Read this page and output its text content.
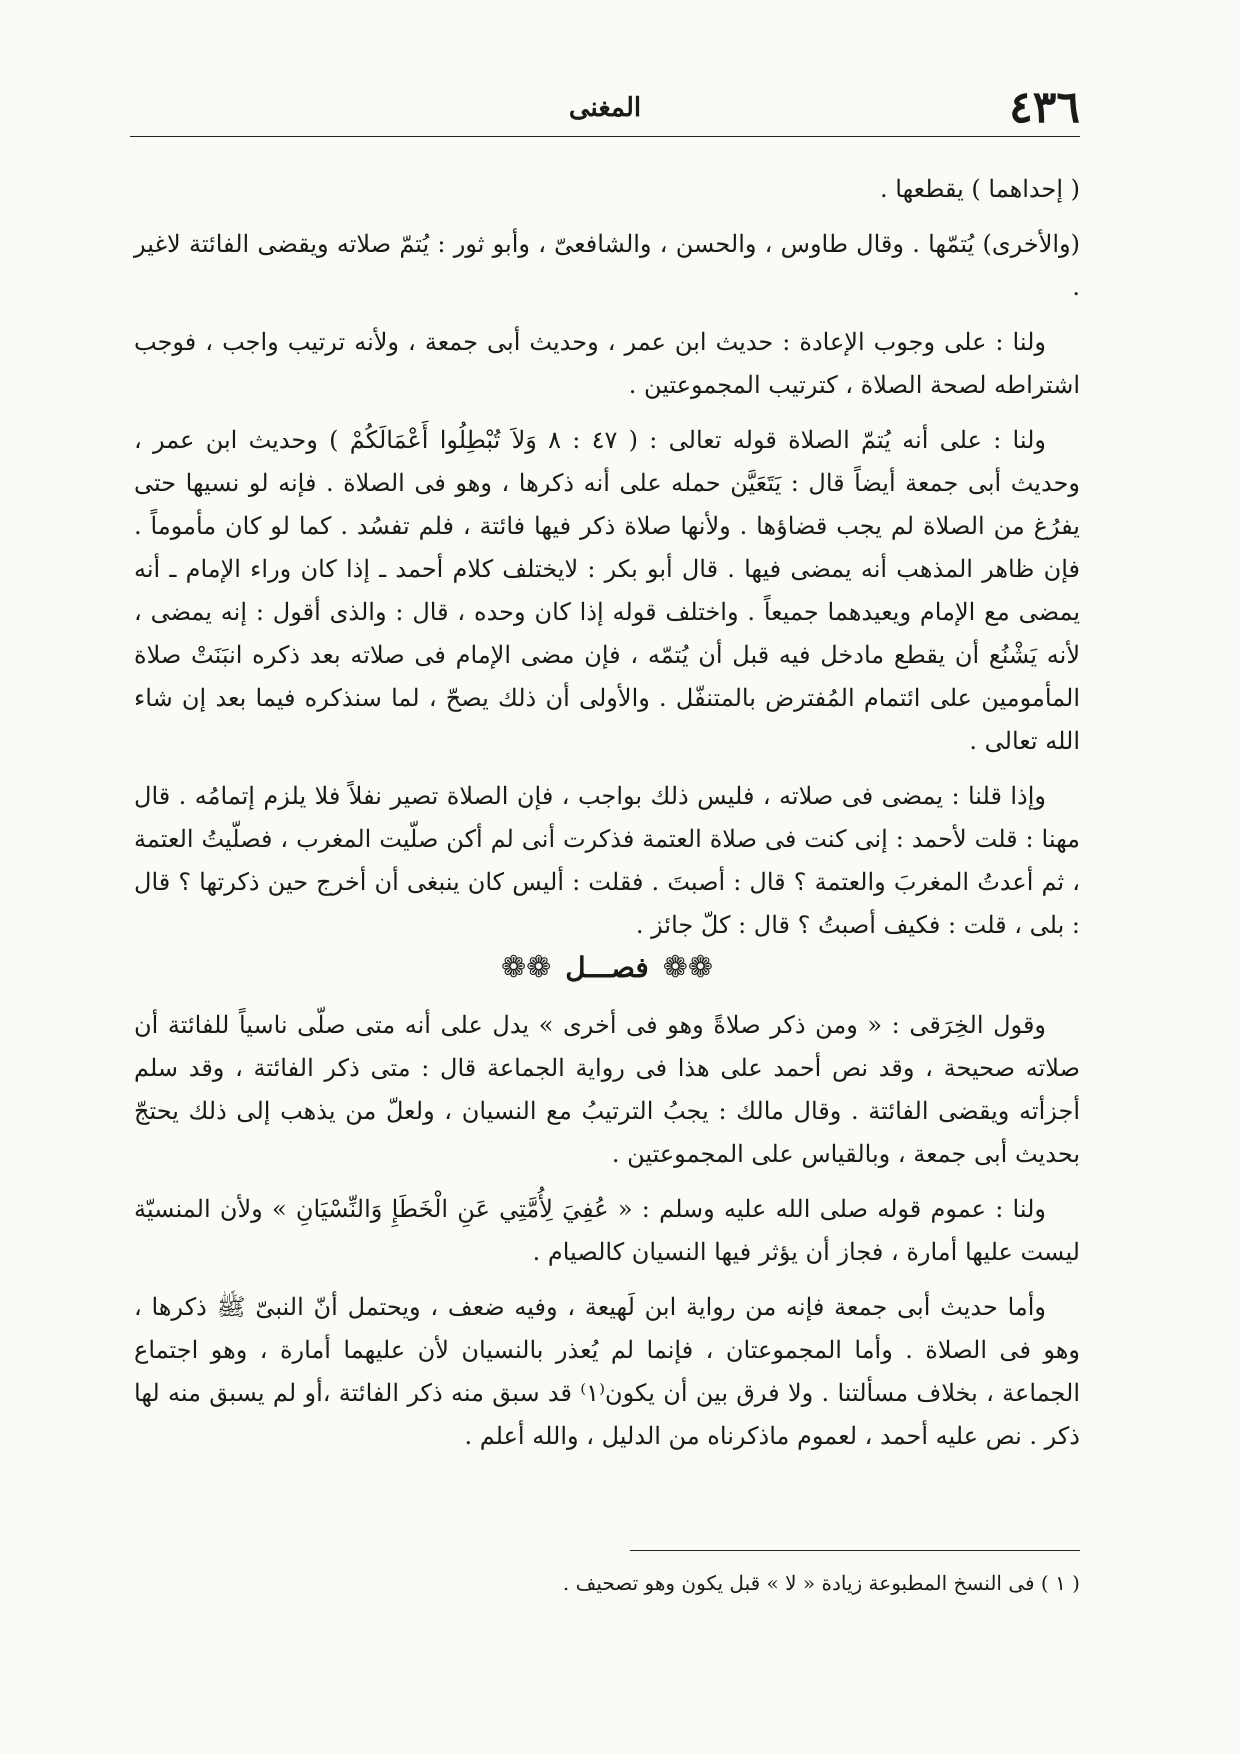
٤٣٦
المغنى

( إحداهما ) يقطعها .

(والأخرى) يُتمّها . وقال طاوس ، والحسن ، والشافعىّ ، وأبو ثور : يُتمّ صلاته ويقضى الفائتة لاغير .

ولنا : على وجوب الإعادة : حديث ابن عمر ، وحديث أبى جمعة ، ولأنه ترتيب واجب ، فوجب اشتراطه لصحة الصلاة ، كترتيب المجموعتين .

ولنا : على أنه يُتمّ الصلاة قوله تعالى : ( ٤٧ : ٨ وَلاَ تُبْطِلُوا أَعْمَالَكُمْ ) وحديث ابن عمر ، وحديث أبى جمعة أيضاً قال : يَتَعَيَّن حمله على أنه ذكرها ، وهو فى الصلاة . فإنه لو نسيها حتى يفرُغ من الصلاة لم يجب قضاؤها . ولأنها صلاة ذكر فيها فائتة ، فلم تفسُد . كما لو كان مأموماً . فإن ظاهر المذهب أنه يمضى فيها . قال أبو بكر : لايختلف كلام أحمد ـ إذا كان وراء الإمام ـ أنه يمضى مع الإمام ويعيدهما جميعاً . واختلف قوله إذا كان وحده ، قال : والذى أقول : إنه يمضى ، لأنه يَشْنُع أن يقطع مادخل فيه قبل أن يُتمّه ، فإن مضى الإمام فى صلاته بعد ذكره انبَنَتْ صلاة المأمومين على ائتمام المُفترض بالمتنفّل . والأولى أن ذلك يصحّ ، لما سنذكره فيما بعد إن شاء الله تعالى .

وإذا قلنا : يمضى فى صلاته ، فليس ذلك بواجب ، فإن الصلاة تصير نفلاً فلا يلزم إتمامُه . قال مهنا : قلت لأحمد : إنى كنت فى صلاة العتمة فذكرت أنى لم أكن صلّيت المغرب ، فصلّيتُ العتمة ، ثم أعدتُ المغربَ والعتمة ؟ قال : أصبتَ . فقلت : أليس كان ينبغى أن أخرج حين ذكرتها ؟ قال : بلى ، قلت : فكيف أصبتُ ؟ قال : كلّ جائز .

❁❁
فصـــل
❁❁

وقول الخِرَقى : « ومن ذكر صلاةً وهو فى أخرى » يدل على أنه متى صلّى ناسياً للفائتة أن صلاته صحيحة ، وقد نص أحمد على هذا فى رواية الجماعة قال : متى ذكر الفائتة ، وقد سلم أجزأته ويقضى الفائتة . وقال مالك : يجبُ الترتيبُ مع النسيان ، ولعلّ من يذهب إلى ذلك يحتجّ بحديث أبى جمعة ، وبالقياس على المجموعتين .

ولنا : عموم قوله صلى الله عليه وسلم : « عُفِيَ لِأُمَّتِي عَنِ الْخَطَإِ وَالنِّسْيَانِ » ولأن المنسيّة ليست عليها أمارة ، فجاز أن يؤثر فيها النسيان كالصيام .

وأما حديث أبى جمعة فإنه من رواية ابن لَهيعة ، وفيه ضعف ، ويحتمل أنّ النبىّ ﷺ ذكرها ، وهو فى الصلاة . وأما المجموعتان ، فإنما لم يُعذر بالنسيان لأن عليهما أمارة ، وهو اجتماع الجماعة ، بخلاف مسألتنا . ولا فرق بين أن يكون⁽١⁾ قد سبق منه ذكر الفائتة ،أو لم يسبق منه لها ذكر . نص عليه أحمد ، لعموم ماذكرناه من الدليل ، والله أعلم .

( ١ ) فى النسخ المطبوعة زيادة « لا » قبل يكون وهو تصحيف .
